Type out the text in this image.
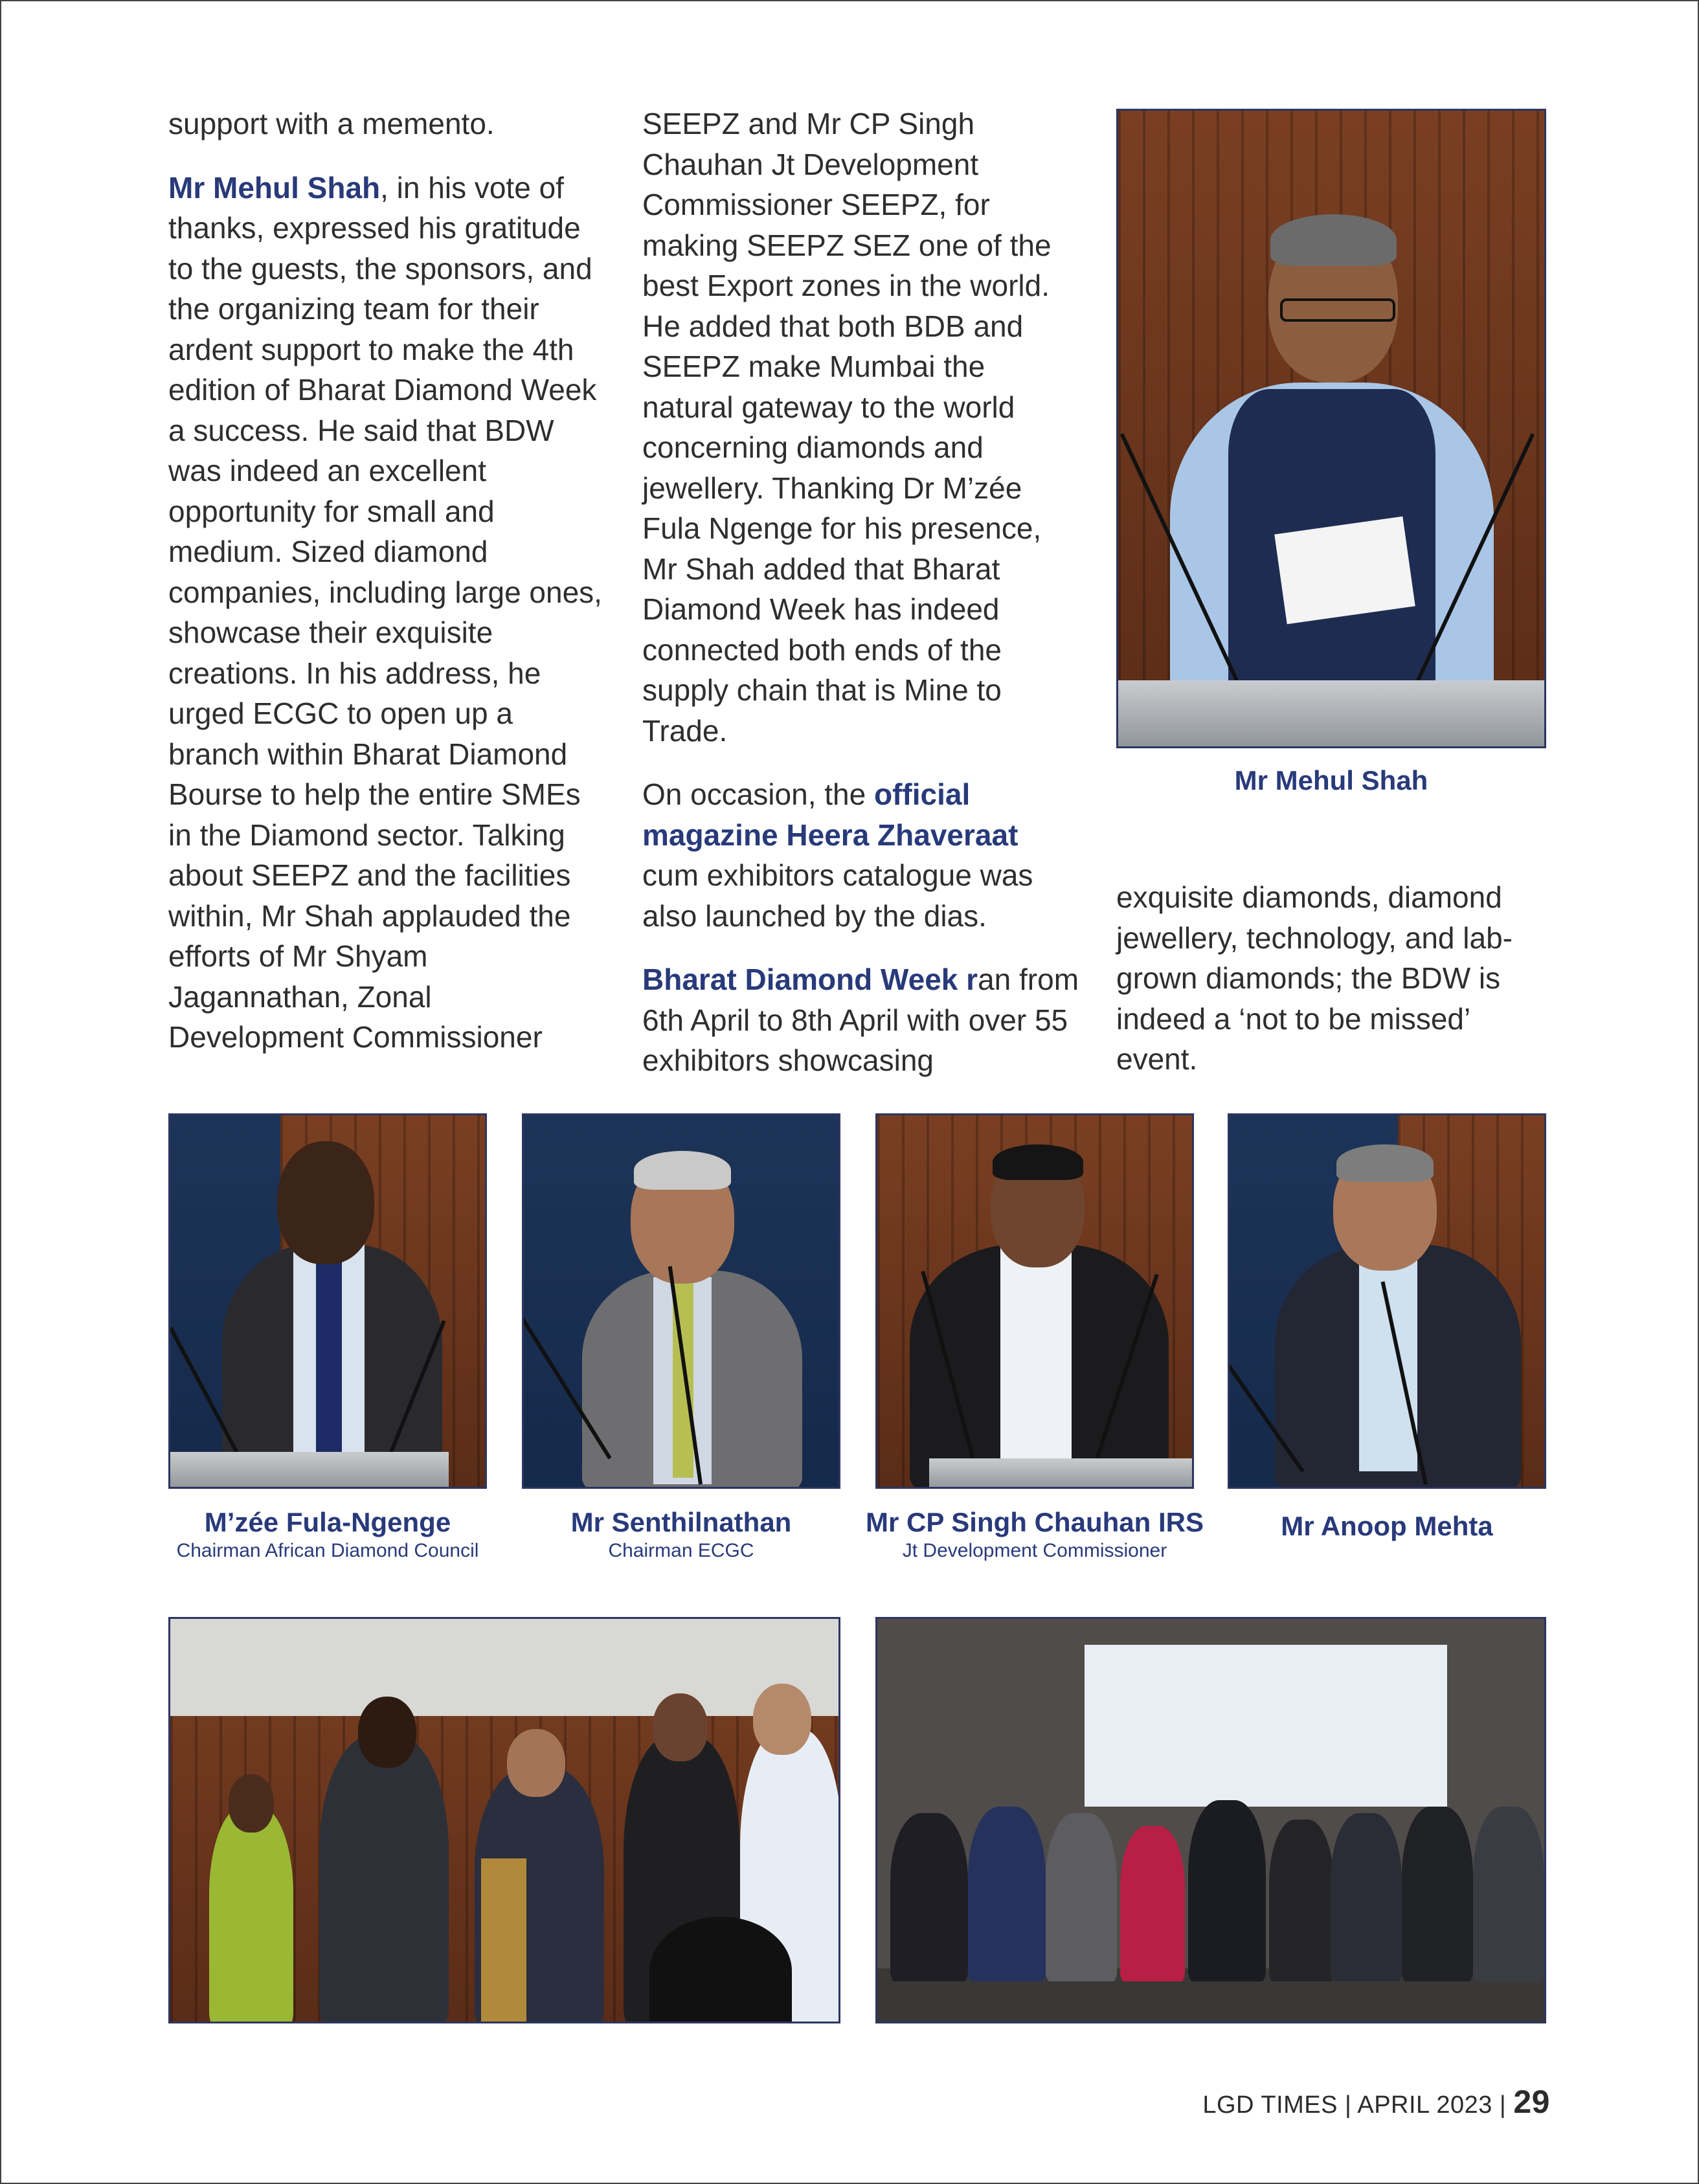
support with a memento.

Mr Mehul Shah, in his vote of thanks, expressed his gratitude to the guests, the sponsors, and the organizing team for their ardent support to make the 4th edition of Bharat Diamond Week a success. He said that BDW was indeed an excellent opportunity for small and medium. Sized diamond companies, including large ones, showcase their exquisite creations. In his address, he urged ECGC to open up a branch within Bharat Diamond Bourse to help the entire SMEs in the Diamond sector. Talking about SEEPZ and the facilities within, Mr Shah applauded the efforts of Mr Shyam Jagannathan, Zonal Development Commissioner

SEEPZ and Mr CP Singh Chauhan Jt Development Commissioner SEEPZ, for making SEEPZ SEZ one of the best Export zones in the world. He added that both BDB and SEEPZ make Mumbai the natural gateway to the world concerning diamonds and jewellery. Thanking Dr M’zée Fula Ngenge for his presence, Mr Shah added that Bharat Diamond Week has indeed connected both ends of the supply chain that is Mine to Trade.

On occasion, the official magazine Heera Zhaveraat cum exhibitors catalogue was also launched by the dias.

Bharat Diamond Week ran from 6th April to 8th April with over 55 exhibitors showcasing

exquisite diamonds, diamond jewellery, technology, and lab-grown diamonds; the BDW is indeed a ‘not to be missed’ event.

Mr Mehul Shah
M’zée Fula-Ngenge
Chairman African Diamond Council
Mr Senthilnathan
Chairman ECGC
Mr CP Singh Chauhan IRS
Jt Development Commissioner
Mr Anoop Mehta
LGD TIMES | APRIL 2023 | 29
